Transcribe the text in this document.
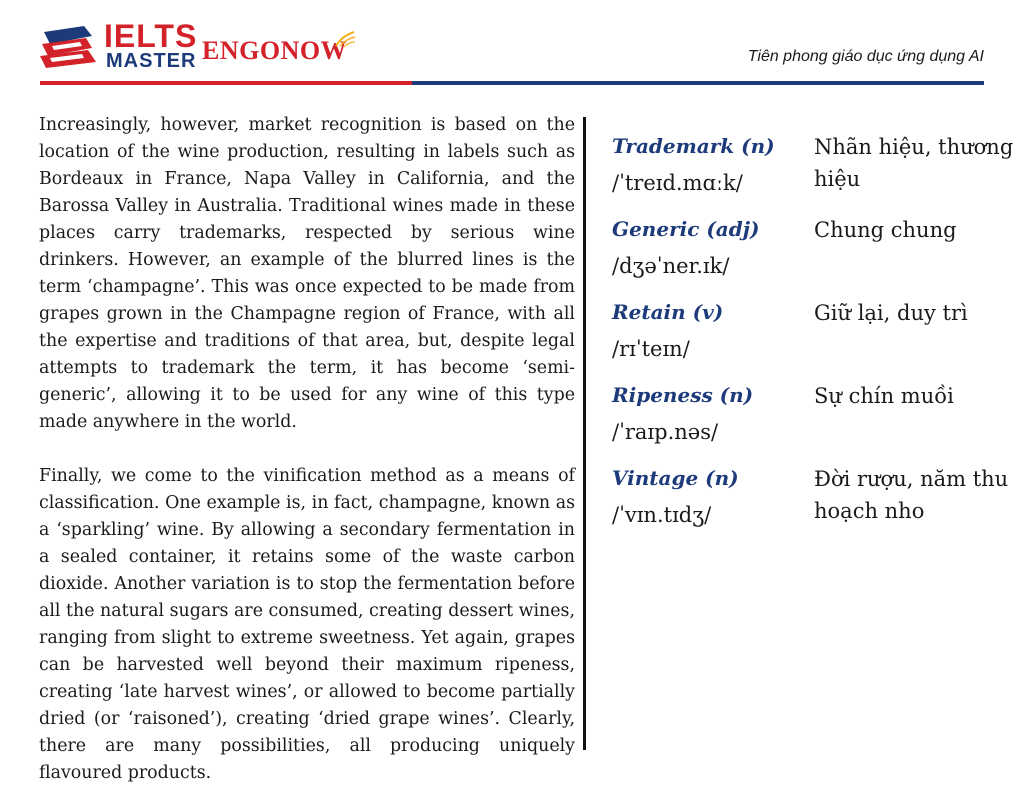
IELTS
MASTER ENGONOW	Tiên phong giáo dục ứng dụng AI

Increasingly, however, market recognition is based on the location of the wine production, resulting in labels such as Bordeaux in France, Napa Valley in California, and the Barossa Valley in Australia. Traditional wines made in these places carry trademarks, respected by serious wine drinkers. However, an example of the blurred lines is the term ‘champagne’. This was once expected to be made from grapes grown in the Champagne region of France, with all the expertise and traditions of that area, but, despite legal attempts to trademark the term, it has become ‘semi-generic’, allowing it to be used for any wine of this type made anywhere in the world.

Finally, we come to the vinification method as a means of classification. One example is, in fact, champagne, known as a ‘sparkling’ wine. By allowing a secondary fermentation in a sealed container, it retains some of the waste carbon dioxide. Another variation is to stop the fermentation before all the natural sugars are consumed, creating dessert wines, ranging from slight to extreme sweetness. Yet again, grapes can be harvested well beyond their maximum ripeness, creating ‘late harvest wines’, or allowed to become partially dried (or ‘raisoned’), creating ‘dried grape wines’. Clearly, there are many possibilities, all producing uniquely flavoured products.

Trademark (n)
/ˈtreɪd.mɑːk/
Nhãn hiệu, thương hiệu
Generic (adj)
/dʒəˈner.ɪk/
Chung chung
Retain (v)
/rɪˈteɪn/
Giữ lại, duy trì
Ripeness (n)
/ˈraɪp.nəs/
Sự chín muồi
Vintage (n)
/ˈvɪn.tɪdʒ/
Đời rượu, năm thu hoạch nho
